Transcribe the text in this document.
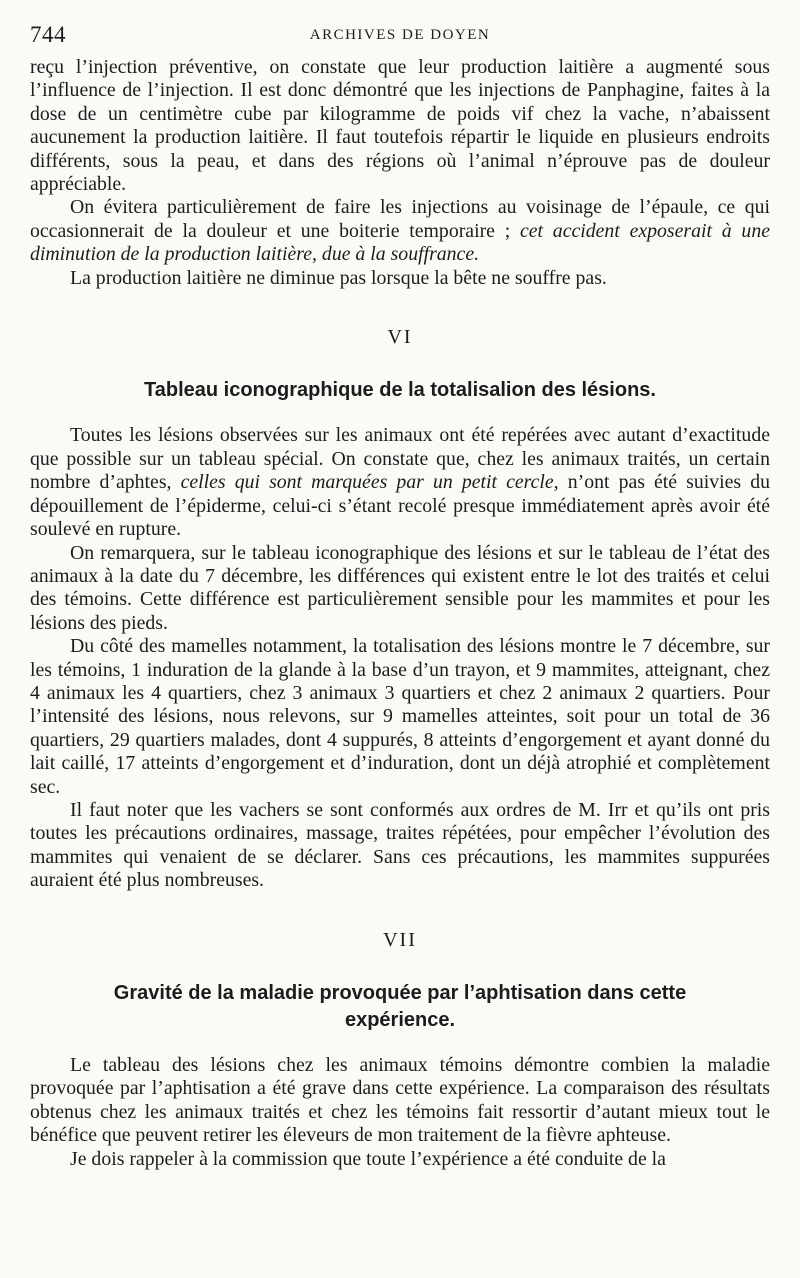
744	ARCHIVES DE DOYEN

reçu l’injection préventive, on constate que leur production laitière a augmenté sous l’influence de l’injection. Il est donc démontré que les injections de Panphagine, faites à la dose de un centimètre cube par kilogramme de poids vif chez la vache, n’abaissent aucunement la production laitière. Il faut toutefois répartir le liquide en plusieurs endroits différents, sous la peau, et dans des régions où l’animal n’éprouve pas de douleur appréciable.

On évitera particulièrement de faire les injections au voisinage de l’épaule, ce qui occasionnerait de la douleur et une boiterie temporaire ; cet accident exposerait à une diminution de la production laitière, due à la souffrance.

La production laitière ne diminue pas lorsque la bête ne souffre pas.

VI
Tableau iconographique de la totalisalion des lésions.

Toutes les lésions observées sur les animaux ont été repérées avec autant d’exactitude que possible sur un tableau spécial. On constate que, chez les animaux traités, un certain nombre d’aphtes, celles qui sont marquées par un petit cercle, n’ont pas été suivies du dépouillement de l’épiderme, celui-ci s’étant recolé presque immédiatement après avoir été soulevé en rupture.

On remarquera, sur le tableau iconographique des lésions et sur le tableau de l’état des animaux à la date du 7 décembre, les différences qui existent entre le lot des traités et celui des témoins. Cette différence est particulièrement sensible pour les mammites et pour les lésions des pieds.

Du côté des mamelles notamment, la totalisation des lésions montre le 7 décembre, sur les témoins, 1 induration de la glande à la base d’un trayon, et 9 mammites, atteignant, chez 4 animaux les 4 quartiers, chez 3 animaux 3 quartiers et chez 2 animaux 2 quartiers. Pour l’intensité des lésions, nous relevons, sur 9 mamelles atteintes, soit pour un total de 36 quartiers, 29 quartiers malades, dont 4 suppurés, 8 atteints d’engorgement et ayant donné du lait caillé, 17 atteints d’engorgement et d’induration, dont un déjà atrophié et complètement sec.

Il faut noter que les vachers se sont conformés aux ordres de M. Irr et qu’ils ont pris toutes les précautions ordinaires, massage, traites répétées, pour empêcher l’évolution des mammites qui venaient de se déclarer. Sans ces précautions, les mammites suppurées auraient été plus nombreuses.

VII
Gravité de la maladie provoquée par l’aphtisation dans cette expérience.

Le tableau des lésions chez les animaux témoins démontre combien la maladie provoquée par l’aphtisation a été grave dans cette expérience. La comparaison des résultats obtenus chez les animaux traités et chez les témoins fait ressortir d’autant mieux tout le bénéfice que peuvent retirer les éleveurs de mon traitement de la fièvre aphteuse.

Je dois rappeler à la commission que toute l’expérience a été conduite de la
